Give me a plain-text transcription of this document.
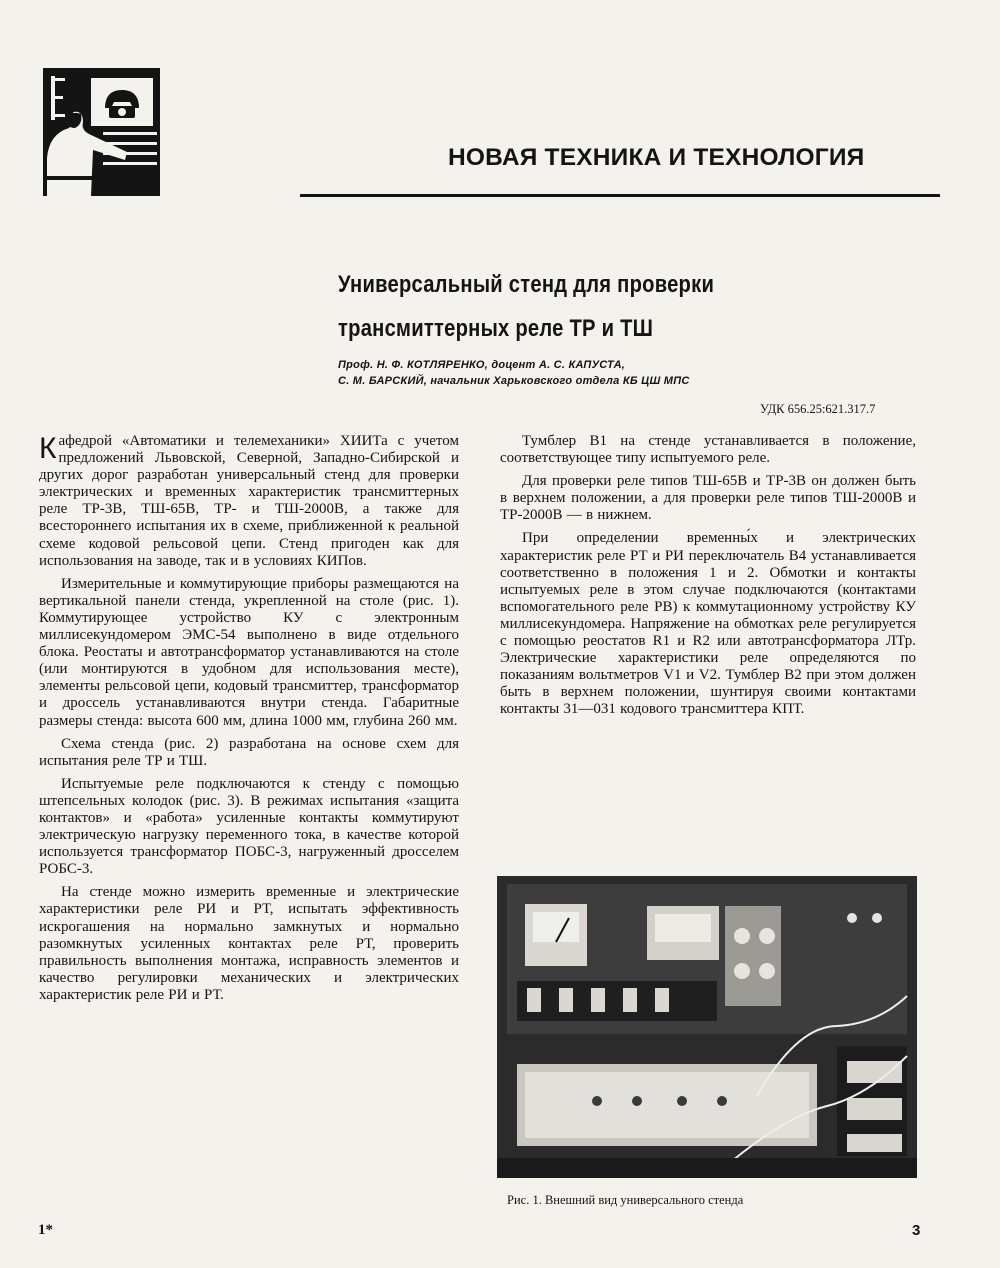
НОВАЯ ТЕХНИКА И ТЕХНОЛОГИЯ
Универсальный стенд для проверки
трансмиттерных реле ТР и ТШ
Проф. Н. Ф. КОТЛЯРЕНКО, доцент А. С. КАПУСТА,
С. М. БАРСКИЙ, начальник Харьковского отдела КБ ЦШ МПС
УДК 656.25:621.317.7

Кафедрой «Автоматики и телемеханики» ХИИТа с учетом предложений Львовской, Северной, Западно-Сибирской и других дорог разработан универсальный стенд для проверки электрических и временных характеристик трансмиттерных реле ТР-3В, ТШ-65В, ТР- и ТШ-2000В, а также для всестороннего испытания их в схеме, приближенной к реальной схеме кодовой рельсовой цепи. Стенд пригоден как для использования на заводе, так и в условиях КИПов.

Измерительные и коммутирующие приборы размещаются на вертикальной панели стенда, укрепленной на столе (рис. 1). Коммутирующее устройство КУ с электронным миллисекундомером ЭМС-54 выполнено в виде отдельного блока. Реостаты и автотрансформатор устанавливаются на столе (или монтируются в удобном для использования месте), элементы рельсовой цепи, кодовый трансмиттер, трансформатор и дроссель устанавливаются внутри стенда. Габаритные размеры стенда: высота 600 мм, длина 1000 мм, глубина 260 мм.

Схема стенда (рис. 2) разработана на основе схем для испытания реле ТР и ТШ.

Испытуемые реле подключаются к стенду с помощью штепсельных колодок (рис. 3). В режимах испытания «защита контактов» и «работа» усиленные контакты коммутируют электрическую нагрузку переменного тока, в качестве которой используется трансформатор ПОБС-3, нагруженный дросселем РОБС-3.

На стенде можно измерить временные и электрические характеристики реле РИ и РТ, испытать эффективность искрогашения на нормально замкнутых и нормально разомкнутых усиленных контактах реле РТ, проверить правильность выполнения монтажа, исправность элементов и качество регулировки механических и электрических характеристик реле РИ и РТ.

Тумблер В1 на стенде устанавливается в положение, соответствующее типу испытуемого реле.

Для проверки реле типов ТШ-65В и ТР-3В он должен быть в верхнем положении, а для проверки реле типов ТШ-2000В и ТР-2000В — в нижнем.

При определении временны́х и электрических характеристик реле РТ и РИ переключатель В4 устанавливается соответственно в положения 1 и 2. Обмотки и контакты испытуемых реле в этом случае подключаются (контактами вспомогательного реле РВ) к коммутационному устройству КУ миллисекундомера. Напряжение на обмотках реле регулируется с помощью реостатов R1 и R2 или автотрансформатора ЛТр. Электрические характеристики реле определяются по показаниям вольтметров V1 и V2. Тумблер В2 при этом должен быть в верхнем положении, шунтируя своими контактами контакты 31—031 кодового трансмиттера КПТ.

Рис. 1. Внешний вид универсального стенда
1*	3
